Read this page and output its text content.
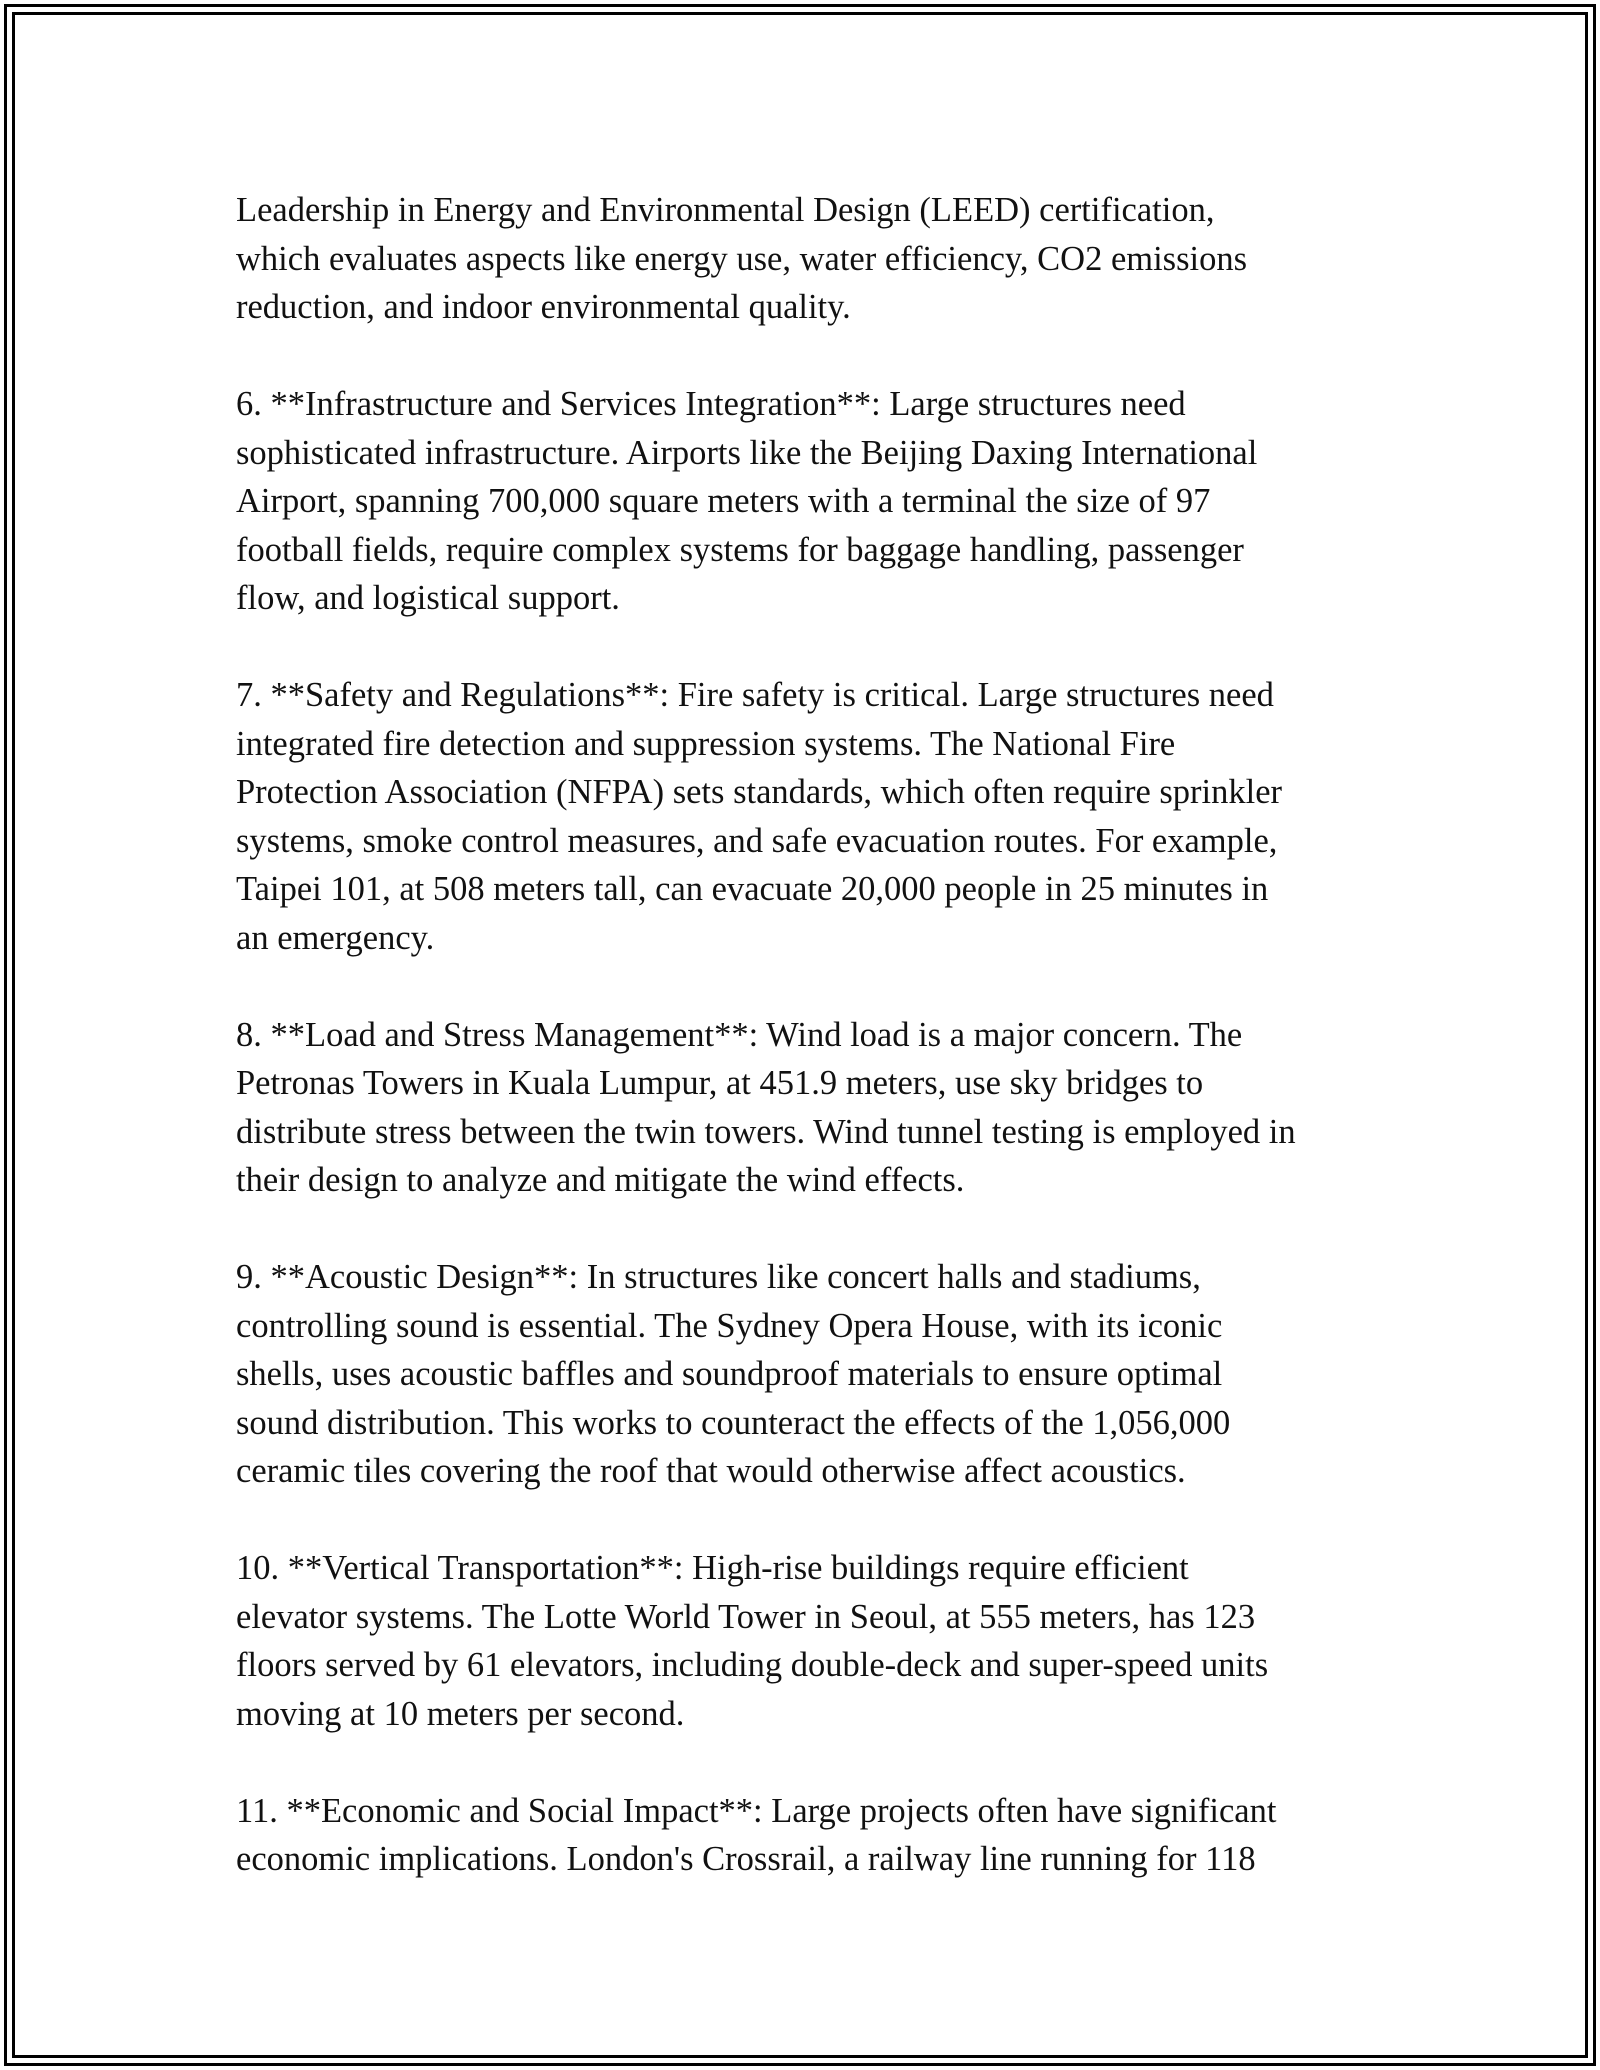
Leadership in Energy and Environmental Design (LEED) certification,
which evaluates aspects like energy use, water efficiency, CO2 emissions
reduction, and indoor environmental quality.

6. **Infrastructure and Services Integration**: Large structures need
sophisticated infrastructure. Airports like the Beijing Daxing International
Airport, spanning 700,000 square meters with a terminal the size of 97
football fields, require complex systems for baggage handling, passenger
flow, and logistical support.

7. **Safety and Regulations**: Fire safety is critical. Large structures need
integrated fire detection and suppression systems. The National Fire
Protection Association (NFPA) sets standards, which often require sprinkler
systems, smoke control measures, and safe evacuation routes. For example,
Taipei 101, at 508 meters tall, can evacuate 20,000 people in 25 minutes in
an emergency.

8. **Load and Stress Management**: Wind load is a major concern. The
Petronas Towers in Kuala Lumpur, at 451.9 meters, use sky bridges to
distribute stress between the twin towers. Wind tunnel testing is employed in
their design to analyze and mitigate the wind effects.

9. **Acoustic Design**: In structures like concert halls and stadiums,
controlling sound is essential. The Sydney Opera House, with its iconic
shells, uses acoustic baffles and soundproof materials to ensure optimal
sound distribution. This works to counteract the effects of the 1,056,000
ceramic tiles covering the roof that would otherwise affect acoustics.

10. **Vertical Transportation**: High-rise buildings require efficient
elevator systems. The Lotte World Tower in Seoul, at 555 meters, has 123
floors served by 61 elevators, including double-deck and super-speed units
moving at 10 meters per second.

11. **Economic and Social Impact**: Large projects often have significant
economic implications. London's Crossrail, a railway line running for 118
